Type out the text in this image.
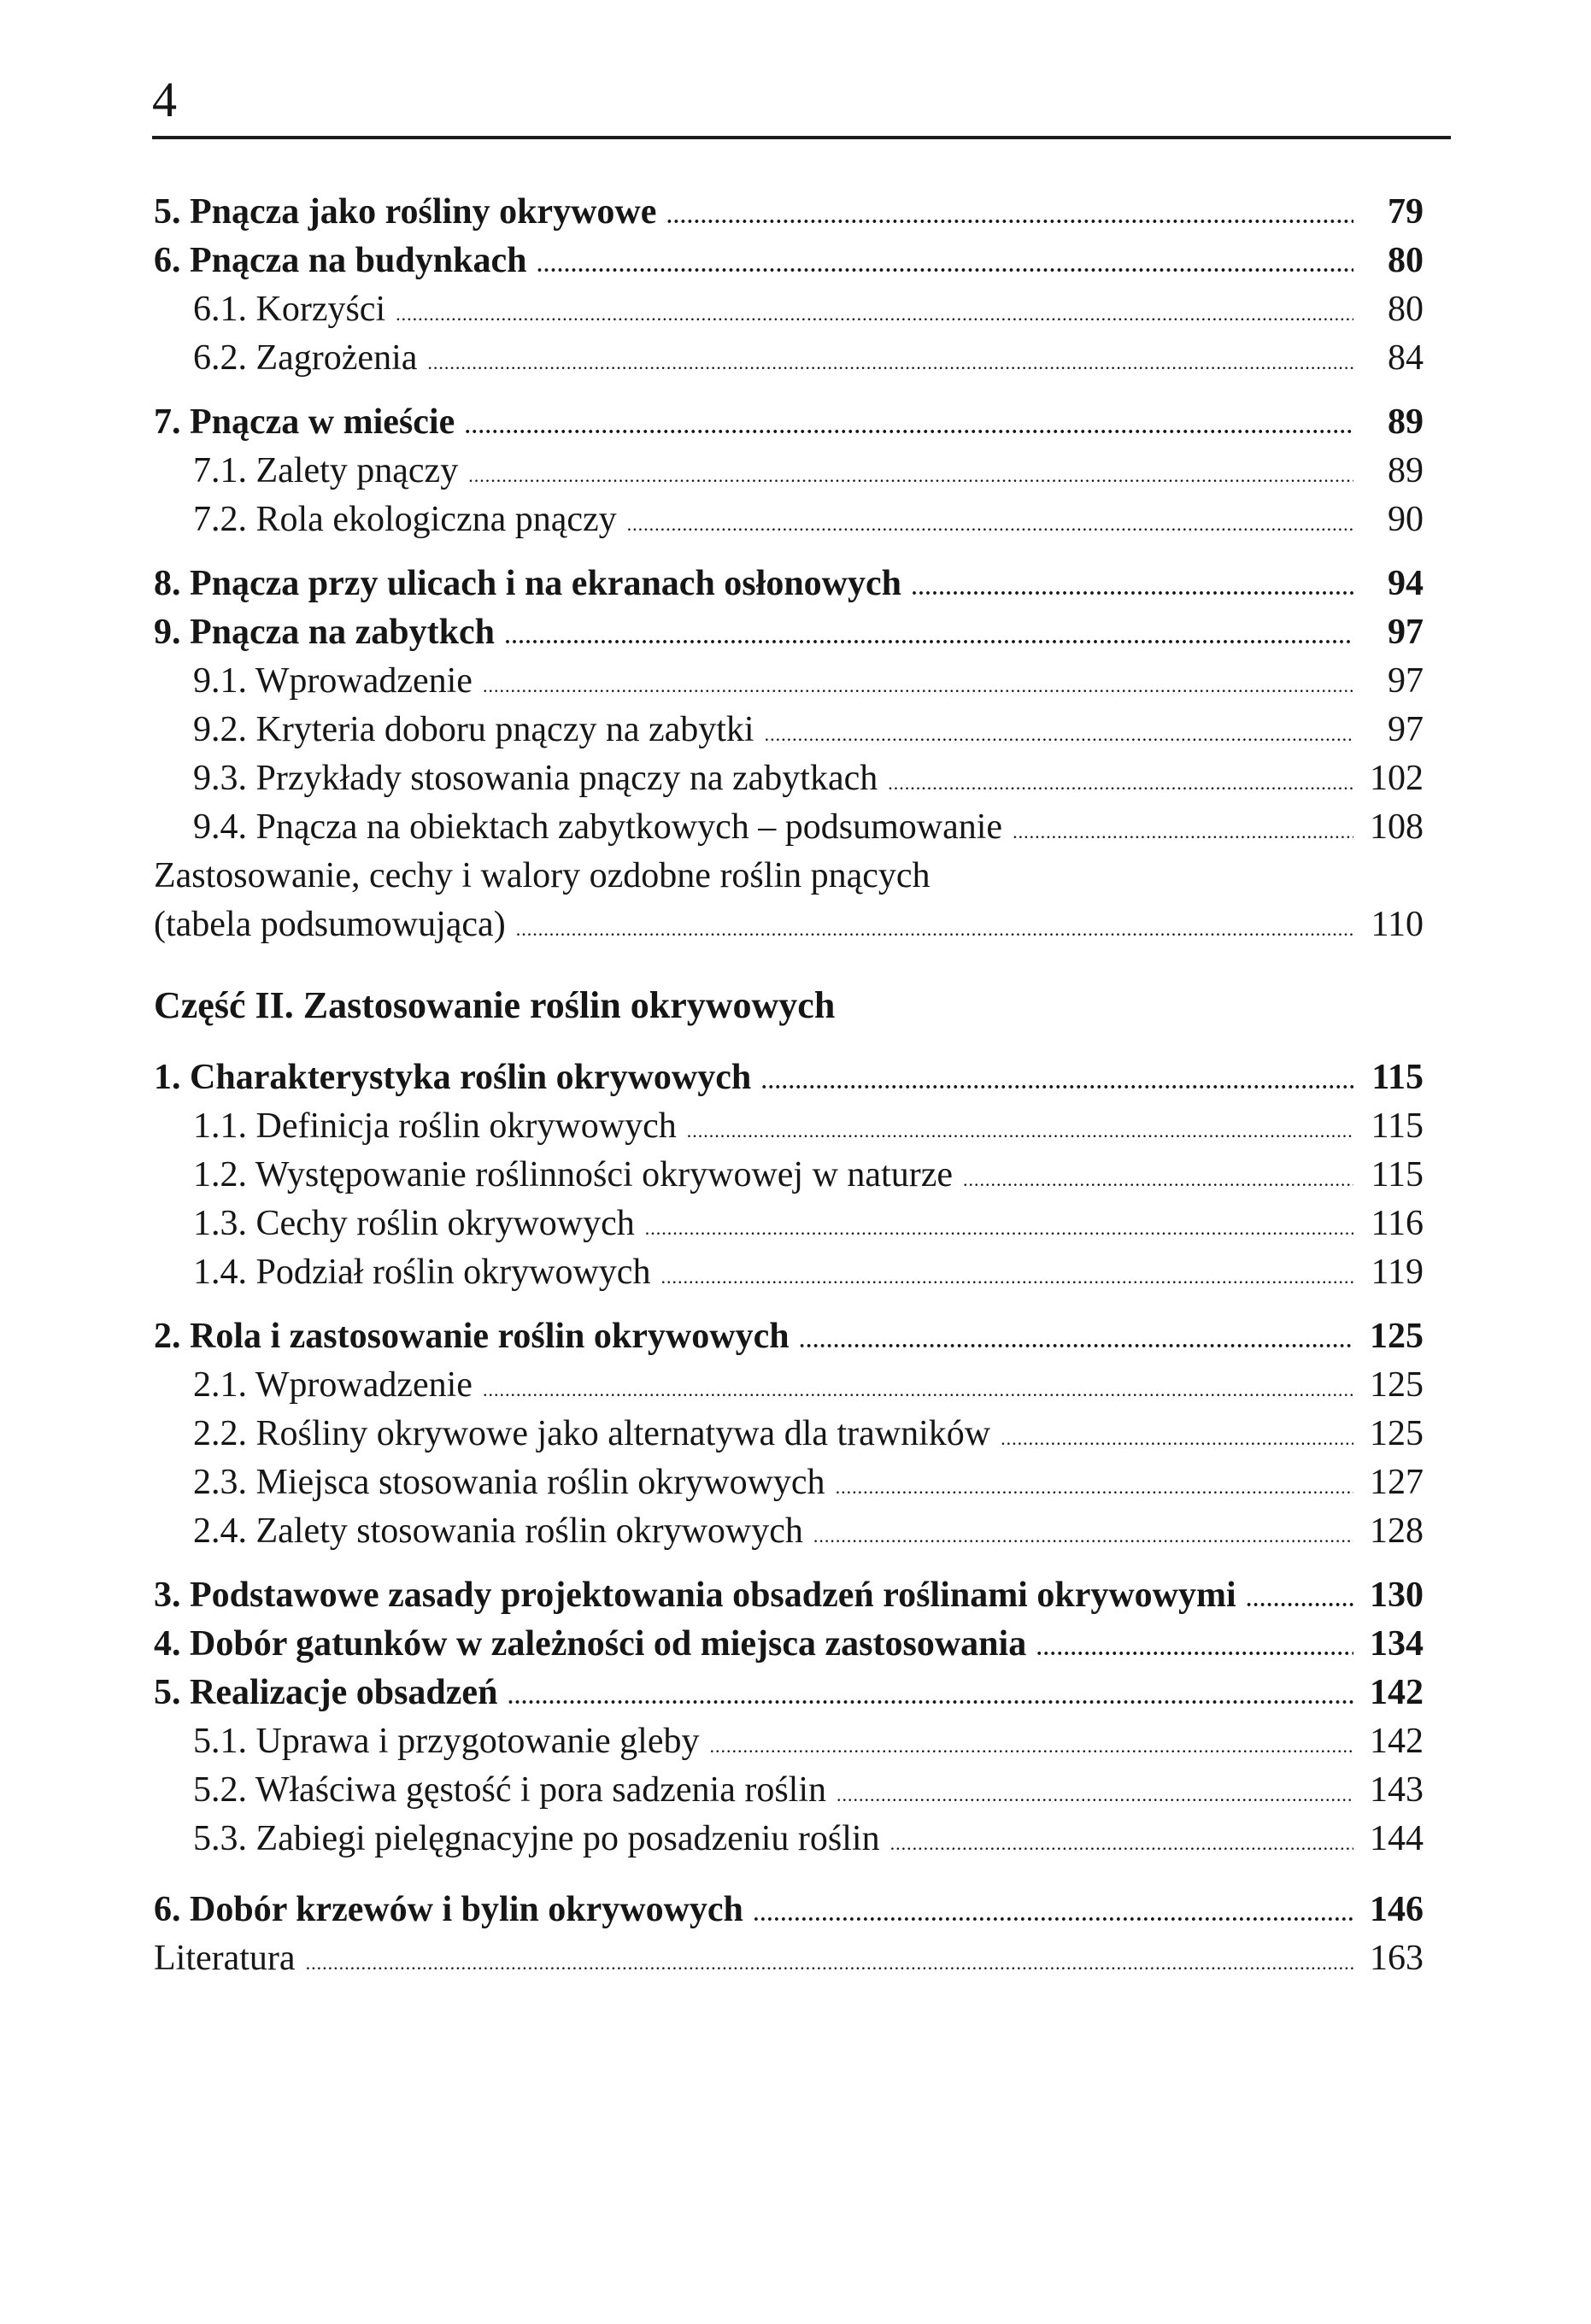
4
5. Pnącza jako rośliny okrywowe .....	79
6. Pnącza na budynkach .....	80
6.1. Korzyści .....	80
6.2. Zagrożenia .....	84
7. Pnącza w mieście .....	89
7.1. Zalety pnączy .....	89
7.2. Rola ekologiczna pnączy .....	90
8. Pnącza przy ulicach i na ekranach osłonowych .....	94
9. Pnącza na zabytkch .....	97
9.1. Wprowadzenie .....	97
9.2. Kryteria doboru pnączy na zabytki .....	97
9.3. Przykłady stosowania pnączy na zabytkach .....	102
9.4. Pnącza na obiektach zabytkowych – podsumowanie .....	108
Zastosowanie, cechy i walory ozdobne roślin pnących
(tabela podsumowująca) .....	110
Część II. Zastosowanie roślin okrywowych
1. Charakterystyka roślin okrywowych .....	115
1.1. Definicja roślin okrywowych .....	115
1.2. Występowanie roślinności okrywowej w naturze .....	115
1.3. Cechy roślin okrywowych .....	116
1.4. Podział roślin okrywowych .....	119
2. Rola i zastosowanie roślin okrywowych .....	125
2.1. Wprowadzenie .....	125
2.2. Rośliny okrywowe jako alternatywa dla trawników .....	125
2.3. Miejsca stosowania roślin okrywowych .....	127
2.4. Zalety stosowania roślin okrywowych .....	128
3. Podstawowe zasady projektowania obsadzeń roślinami okrywowymi .....	130
4. Dobór gatunków w zależności od miejsca zastosowania .....	134
5. Realizacje obsadzeń .....	142
5.1. Uprawa i przygotowanie gleby .....	142
5.2. Właściwa gęstość i pora sadzenia roślin .....	143
5.3. Zabiegi pielęgnacyjne po posadzeniu roślin .....	144
6. Dobór krzewów i bylin okrywowych .....	146
Literatura .....	163
